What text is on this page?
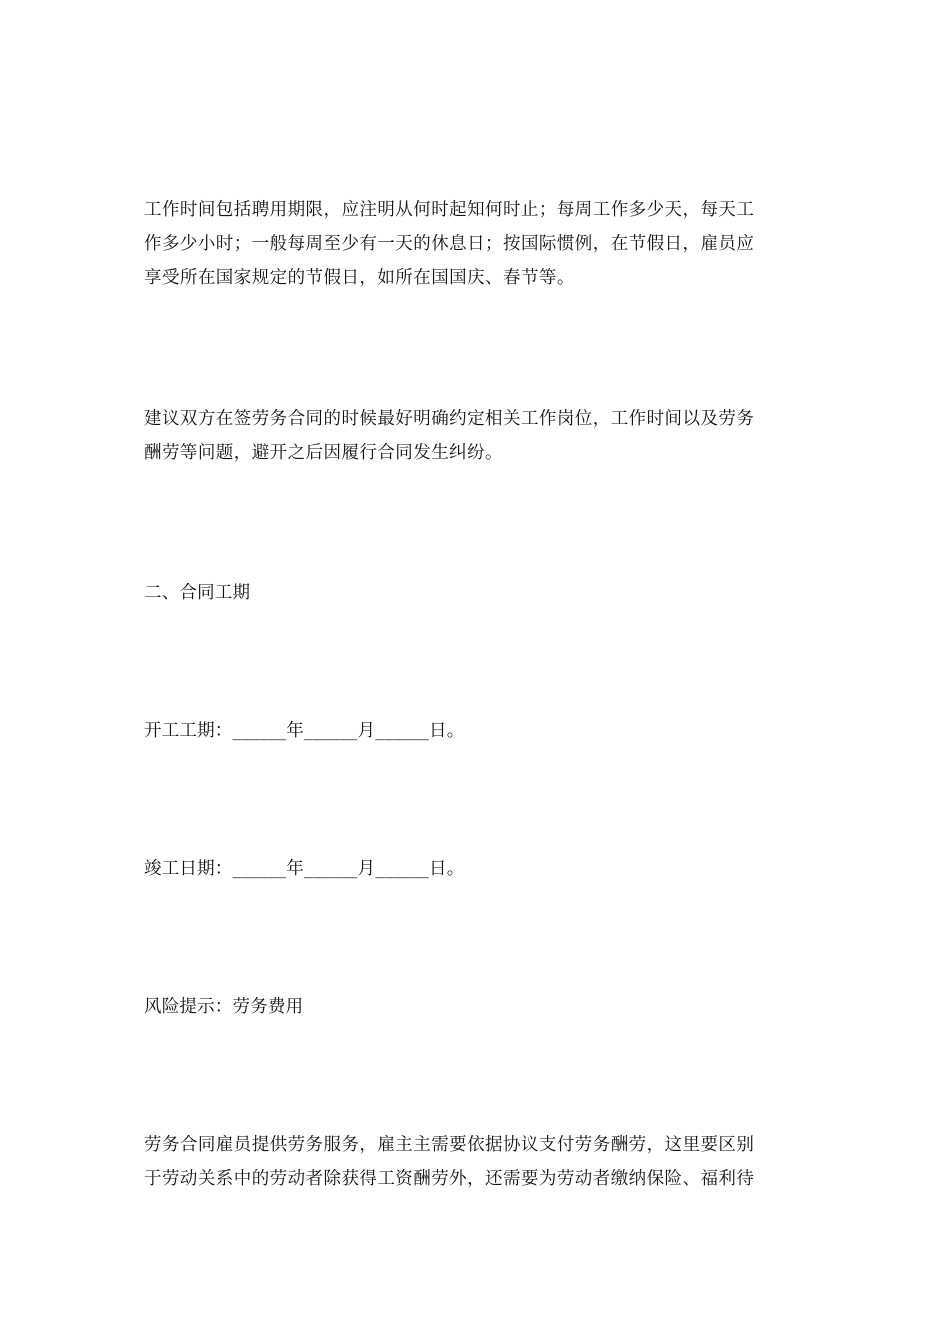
工作时间包括聘用期限，应注明从何时起知何时止；每周工作多少天，每天工
作多少小时；一般每周至少有一天的休息日；按国际惯例，在节假日，雇员应
享受所在国家规定的节假日，如所在国国庆、春节等。
建议双方在签劳务合同的时候最好明确约定相关工作岗位，工作时间以及劳务
酬劳等问题，避开之后因履行合同发生纠纷。
二、合同工期
开工工期：______年______月______日。
竣工日期：______年______月______日。
风险提示：劳务费用
劳务合同雇员提供劳务服务，雇主主需要依据协议支付劳务酬劳，这里要区别
于劳动关系中的劳动者除获得工资酬劳外，还需要为劳动者缴纳保险、福利待
